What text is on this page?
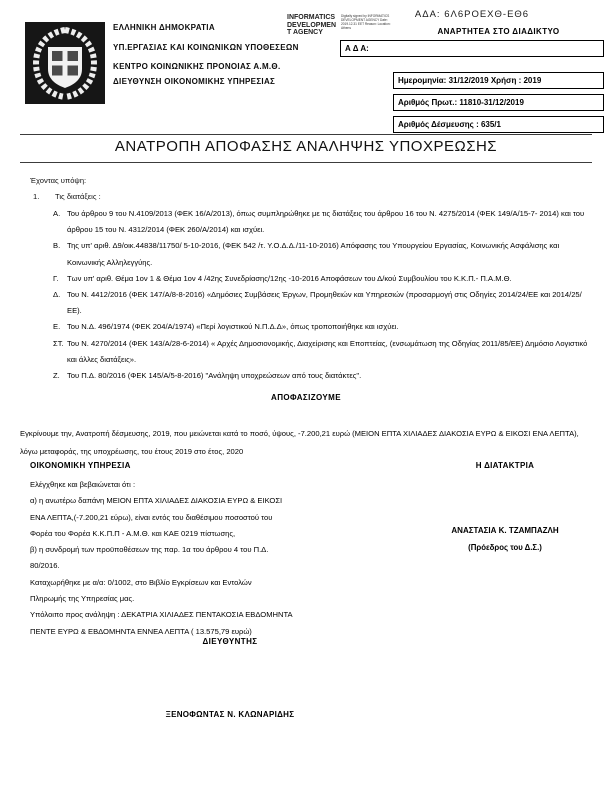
ΑΔΑ: 6Λ6ΡΟΕΧΘ-ΕΘ6
ΕΛΛΗΝΙΚΗ ΔΗΜΟΚΡΑΤΙΑ
ΥΠ.ΕΡΓΑΣΙΑΣ ΚΑΙ ΚΟΙΝΩΝΙΚΩΝ ΥΠΟΘΕΣΕΩΝ
ΚΕΝΤΡΟ ΚΟΙΝΩΝΙΚΗΣ ΠΡΟΝΟΙΑΣ Α.Μ.Θ.
ΔΙΕΥΘΥΝΣΗ ΟΙΚΟΝΟΜΙΚΗΣ ΥΠΗΡΕΣΙΑΣ
INFORMATICS
DEVELOPMEN
T AGENCY
Digitally signed by INFORMATICS DEVELOPMENT AGENCY Date: 2019.12.31 EET Reason: Location: Athens	ΑΝΑΡΤΗΤΕΑ ΣΤΟ ΔΙΑΔΙΚΤΥΟ
Α Δ Α:
Ημερομηνία: 31/12/2019 Χρήση : 2019
Αριθμός Πρωτ.: 11810-31/12/2019
Αριθμός Δέσμευσης : 635/1
ΑΝΑΤΡΟΠΗ ΑΠΟΦΑΣΗΣ ΑΝΑΛΗΨΗΣ ΥΠΟΧΡΕΩΣΗΣ
Έχοντας υπόψη:
1. Τις διατάξεις :
Α. Του άρθρου 9 του Ν.4109/2013 (ΦΕΚ 16/Α/2013), όπως συμπληρώθηκε με τις διατάξεις του άρθρου 16 του Ν. 4275/2014 (ΦΕΚ 149/Α/15-7- 2014) και του άρθρου 15 του Ν. 4312/2014 (ΦΕΚ 260/Α/2014) και ισχύει.
Β. Της υπ' αριθ. Δ9/οικ.44838/11750/ 5-10-2016, (ΦΕΚ 542 /τ. Υ.Ο.Δ.Δ./11-10-2016) Απόφασης του Υπουργείου Εργασίας, Κοινωνικής Ασφάλισης και Κοινωνικής Αλληλεγγύης.
Γ.	Των υπ' αριθ. Θέμα 1ον 1 & Θέμα 1ον 4 /42ης Συνεδρίασης/12ης -10-2016 Αποφάσεων του Δ/κού Συμβουλίου του Κ.Κ.Π.- Π.Α.Μ.Θ.
Δ. Του Ν. 4412/2016 (ΦΕΚ 147/Α/8-8-2016) «Δημόσιες Συμβάσεις Έργων, Προμηθειών και Υπηρεσιών (προσαρμογή στις Οδηγίες 2014/24/ΕΕ και 2014/25/ΕΕ).
Ε. Του Ν.Δ. 496/1974 (ΦΕΚ 204/Α/1974) «Περί λογιστικού Ν.Π.Δ.Δ», όπως τροποποιήθηκε και ισχύει.
ΣΤ. Του Ν. 4270/2014 (ΦΕΚ 143/Α/28-6-2014) « Αρχές Δημοσιονομικής, Διαχείρισης και Εποπτείας, (ενσωμάτωση της Οδηγίας 2011/85/ΕΕ) Δημόσιο Λογιστικό και άλλες διατάξεις».
Ζ. Του Π.Δ. 80/2016 (ΦΕΚ 145/Α/5-8-2016) "Ανάληψη υποχρεώσεων από τους διατάκτες".
ΑΠΟΦΑΣΙΖΟΥΜΕ
Εγκρίνουμε την, Ανατροπή δέσμευσης, 2019, που μειώνεται κατά το ποσό, ύψους, -7.200,21 ευρώ (ΜΕΙΟΝ ΕΠΤΑ ΧΙΛΙΑΔΕΣ ΔΙΑΚΟΣΙΑ ΕΥΡΩ & ΕΙΚΟΣΙ ΕΝΑ ΛΕΠΤΑ), λόγω μεταφοράς, της υποχρέωσης, του έτους 2019 στο έτος, 2020
ΟΙΚΟΝΟΜΙΚΗ ΥΠΗΡΕΣΙΑ	Η ΔΙΑΤΑΚΤΡΙΑ
Ελέγχθηκε και βεβαιώνεται ότι :
α) η ανωτέρω δαπάνη ΜΕΙΟΝ ΕΠΤΑ ΧΙΛΙΑΔΕΣ ΔΙΑΚΟΣΙΑ ΕΥΡΩ & ΕΙΚΟΣΙ
ΕΝΑ ΛΕΠΤΑ,(-7.200,21 εύρω), είναι εντός του διαθέσιμου ποσοστού του
Φορέα του Φορέα Κ.Κ.Π.Π - Α.Μ.Θ. και ΚΑΕ 0219 πίστωσης,
β) η συνδρομή των προϋποθέσεων της παρ. 1α του άρθρου 4 του Π.Δ.
80/2016.
Καταχωρήθηκε με α/α: 0/1002, στο Βιβλίο Εγκρίσεων και Εντολών
Πληρωμής της Υπηρεσίας μας.
Υπόλοιπο προς ανάληψη : ΔΕΚΑΤΡΙΑ ΧΙΛΙΑΔΕΣ ΠΕΝΤΑΚΟΣΙΑ ΕΒΔΟΜΗΝΤΑ
ΠΕΝΤΕ ΕΥΡΩ & ΕΒΔΟΜΗΝΤΑ ΕΝΝΕΑ ΛΕΠΤΑ ( 13.575,79 ευρώ)
ΑΝΑΣΤΑΣΙΑ Κ. ΤΖΑΜΠΑΖΛΗ
(Πρόεδρος του Δ.Σ.)
ΔΙΕΥΘΥΝΤΗΣ
ΞΕΝΟΦΩΝΤΑΣ Ν. ΚΛΩΝΑΡΙΔΗΣ
